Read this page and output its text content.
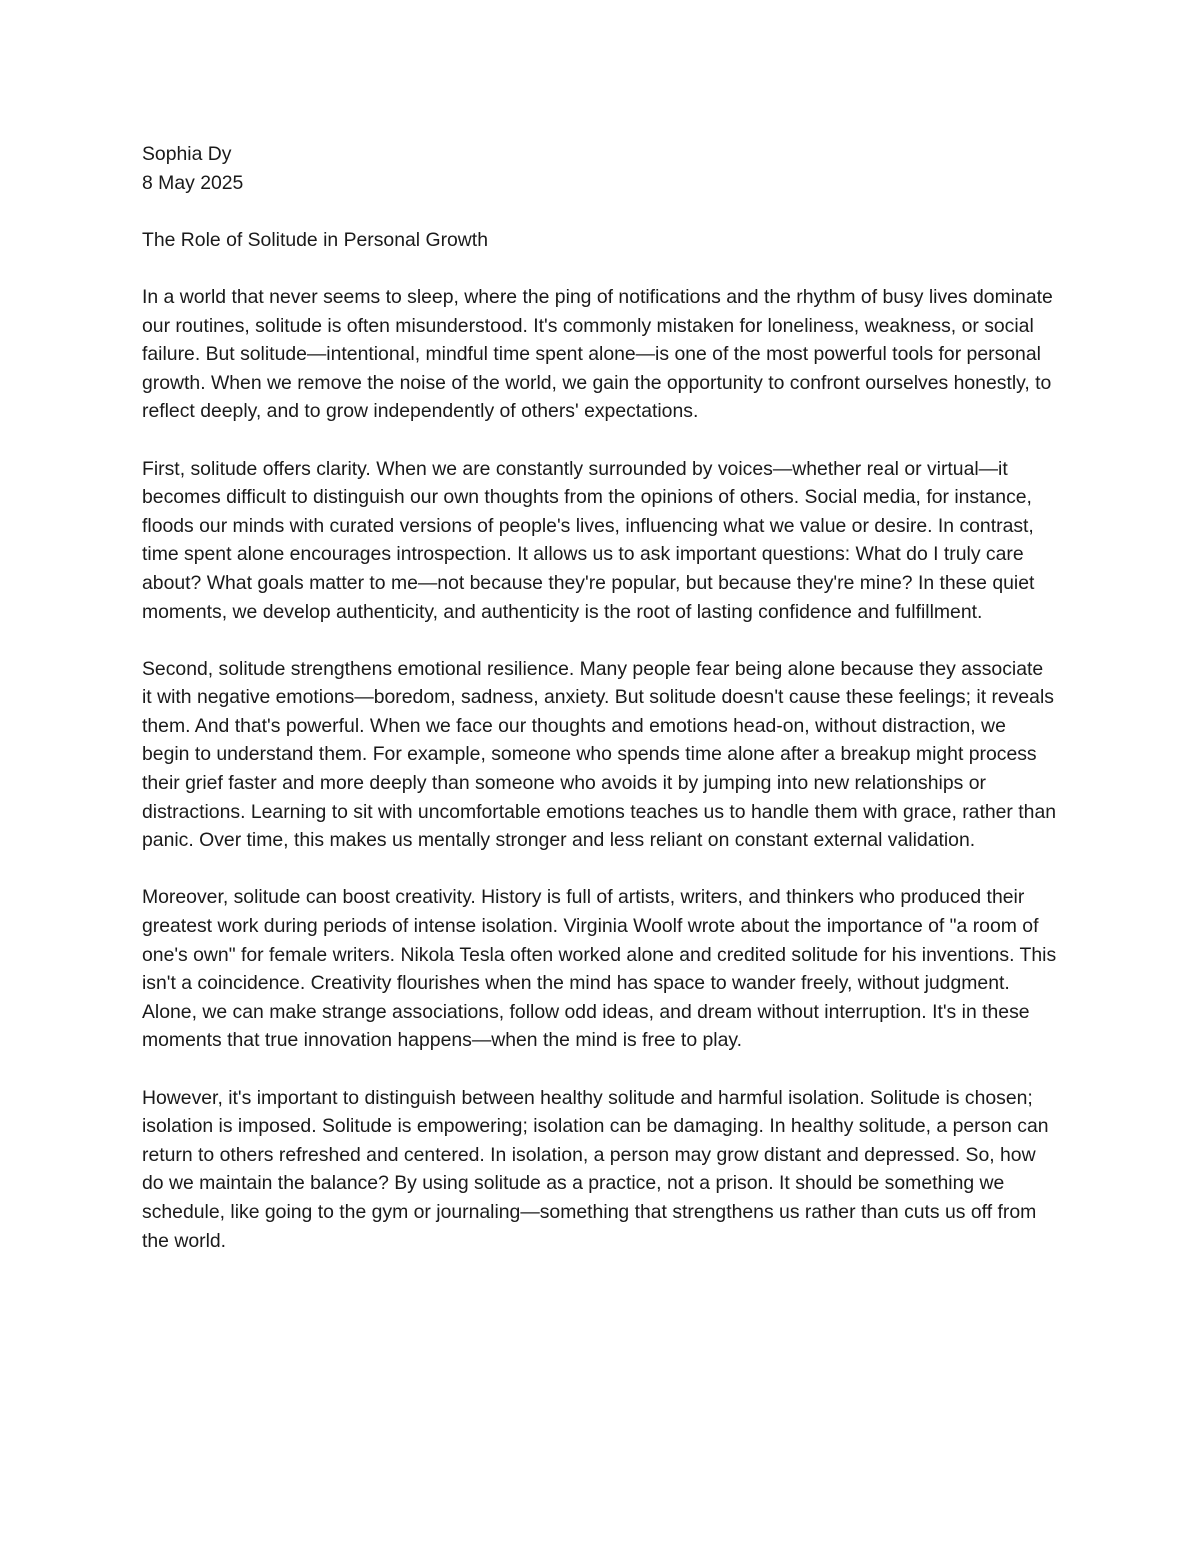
Sophia Dy
8 May 2025
The Role of Solitude in Personal Growth

In a world that never seems to sleep, where the ping of notifications and the rhythm of busy lives dominate our routines, solitude is often misunderstood. It's commonly mistaken for loneliness, weakness, or social failure. But solitude—intentional, mindful time spent alone—is one of the most powerful tools for personal growth. When we remove the noise of the world, we gain the opportunity to confront ourselves honestly, to reflect deeply, and to grow independently of others' expectations.

First, solitude offers clarity. When we are constantly surrounded by voices—whether real or virtual—it becomes difficult to distinguish our own thoughts from the opinions of others. Social media, for instance, floods our minds with curated versions of people's lives, influencing what we value or desire. In contrast, time spent alone encourages introspection. It allows us to ask important questions: What do I truly care about? What goals matter to me—not because they're popular, but because they're mine? In these quiet moments, we develop authenticity, and authenticity is the root of lasting confidence and fulfillment.

Second, solitude strengthens emotional resilience. Many people fear being alone because they associate it with negative emotions—boredom, sadness, anxiety. But solitude doesn't cause these feelings; it reveals them. And that's powerful. When we face our thoughts and emotions head-on, without distraction, we begin to understand them. For example, someone who spends time alone after a breakup might process their grief faster and more deeply than someone who avoids it by jumping into new relationships or distractions. Learning to sit with uncomfortable emotions teaches us to handle them with grace, rather than panic. Over time, this makes us mentally stronger and less reliant on constant external validation.

Moreover, solitude can boost creativity. History is full of artists, writers, and thinkers who produced their greatest work during periods of intense isolation. Virginia Woolf wrote about the importance of "a room of one's own" for female writers. Nikola Tesla often worked alone and credited solitude for his inventions. This isn't a coincidence. Creativity flourishes when the mind has space to wander freely, without judgment. Alone, we can make strange associations, follow odd ideas, and dream without interruption. It's in these moments that true innovation happens—when the mind is free to play.

However, it's important to distinguish between healthy solitude and harmful isolation. Solitude is chosen; isolation is imposed. Solitude is empowering; isolation can be damaging. In healthy solitude, a person can return to others refreshed and centered. In isolation, a person may grow distant and depressed. So, how do we maintain the balance? By using solitude as a practice, not a prison. It should be something we schedule, like going to the gym or journaling—something that strengthens us rather than cuts us off from the world.
